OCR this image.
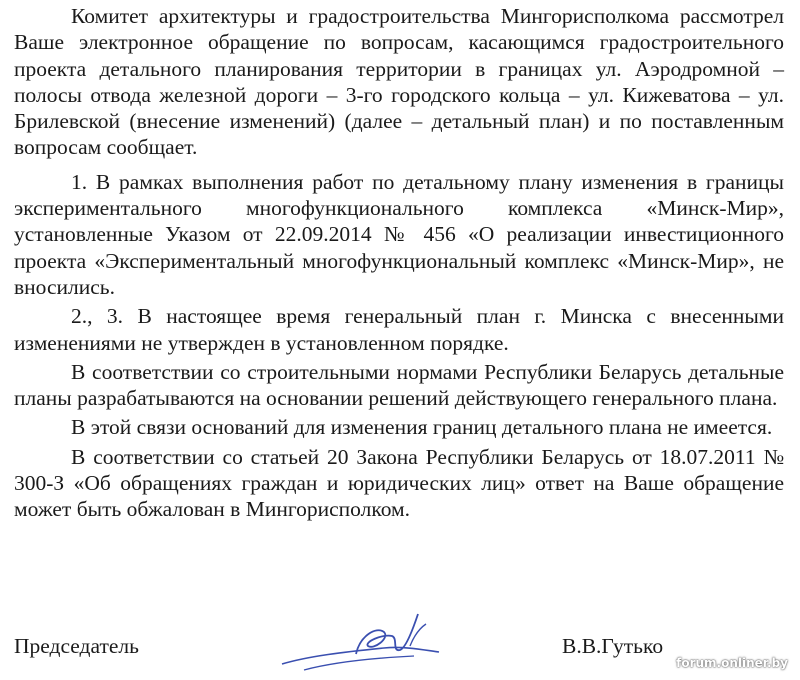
Комитет архитектуры и градостроительства Мингорисполкома рассмотрел Ваше электронное обращение по вопросам, касающимся градостроительного проекта детального планирования территории в границах ул. Аэродромной – полосы отвода железной дороги – 3-го городского кольца – ул. Кижеватова – ул. Брилевской (внесение изменений) (далее – детальный план) и по поставленным вопросам сообщает.

1. В рамках выполнения работ по детальному плану изменения в границы экспериментального многофункционального комплекса «Минск-Мир», установленные Указом от 22.09.2014 № 456 «О реализации инвестиционного проекта «Экспериментальный многофункциональный комплекс «Минск-Мир», не вносились.

2., 3. В настоящее время генеральный план г. Минска с внесенными изменениями не утвержден в установленном порядке.

В соответствии со строительными нормами Республики Беларусь детальные планы разрабатываются на основании решений действующего генерального плана.

В этой связи оснований для изменения границ детального плана не имеется.

В соответствии со статьей 20 Закона Республики Беларусь от 18.07.2011 № 300-З «Об обращениях граждан и юридических лиц» ответ на Ваше обращение может быть обжалован в Мингорисполком.

Председатель	В.В.Гутько
forum.onliner.by
